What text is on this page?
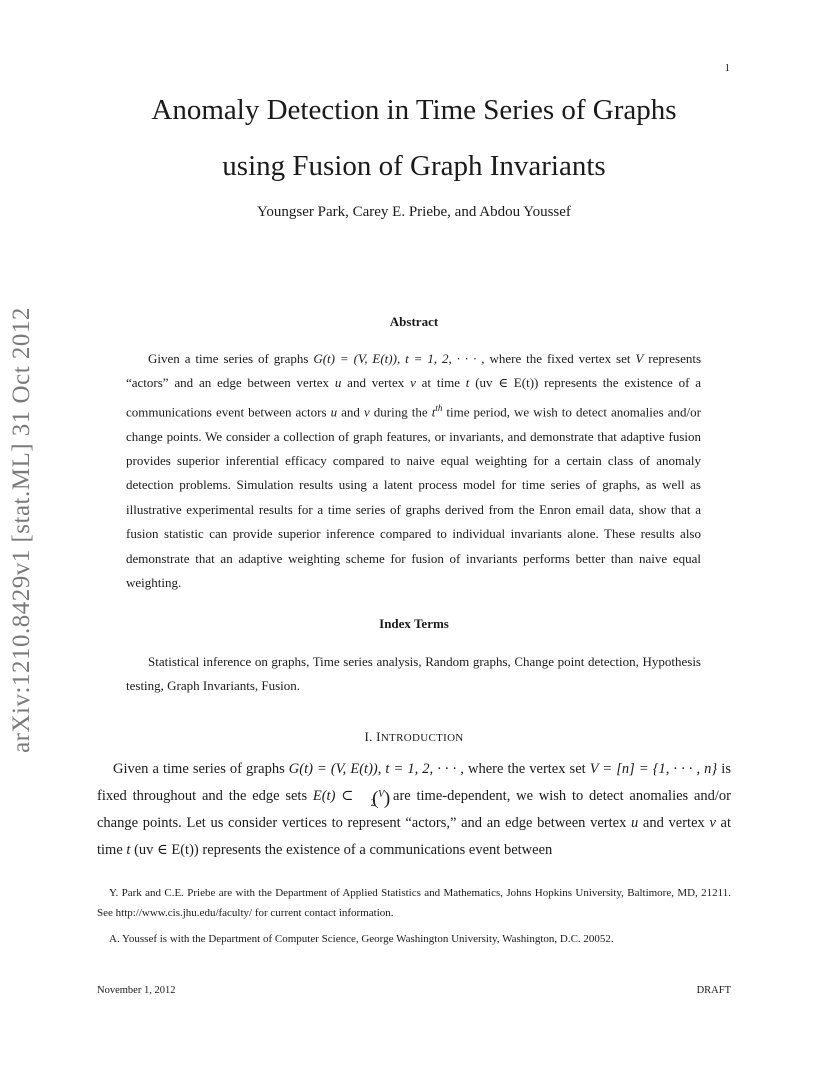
1
arXiv:1210.8429v1 [stat.ML] 31 Oct 2012
Anomaly Detection in Time Series of Graphs
using Fusion of Graph Invariants
Youngser Park, Carey E. Priebe, and Abdou Youssef
Abstract

Given a time series of graphs G(t) = (V, E(t)), t = 1, 2, · · · , where the fixed vertex set V represents “actors” and an edge between vertex u and vertex v at time t (uv ∈ E(t)) represents the existence of a communications event between actors u and v during the $t^{th}$ time period, we wish to detect anomalies and/or change points. We consider a collection of graph features, or invariants, and demonstrate that adaptive fusion provides superior inferential efficacy compared to naive equal weighting for a certain class of anomaly detection problems. Simulation results using a latent process model for time series of graphs, as well as illustrative experimental results for a time series of graphs derived from the Enron email data, show that a fusion statistic can provide superior inference compared to individual invariants alone. These results also demonstrate that an adaptive weighting scheme for fusion of invariants performs better than naive equal weighting.

Index Terms

Statistical inference on graphs, Time series analysis, Random graphs, Change point detection, Hypothesis testing, Graph Invariants, Fusion.

I. INTRODUCTION

Given a time series of graphs G(t) = (V, E(t)), t = 1, 2, · · · , where the vertex set V = [n] = {1, · · · , n} is fixed throughout and the edge sets E(t) ⊂ ( V
2 ) are time-dependent, we wish to detect anomalies and/or change points. Let us consider vertices to represent “actors,” and an edge between vertex u and vertex v at time t (uv ∈ E(t)) represents the existence of a communications event between

Y. Park and C.E. Priebe are with the Department of Applied Statistics and Mathematics, Johns Hopkins University, Baltimore, MD, 21211. See http://www.cis.jhu.edu/faculty/ for current contact information.

A. Youssef is with the Department of Computer Science, George Washington University, Washington, D.C. 20052.

November 1, 2012	DRAFT
